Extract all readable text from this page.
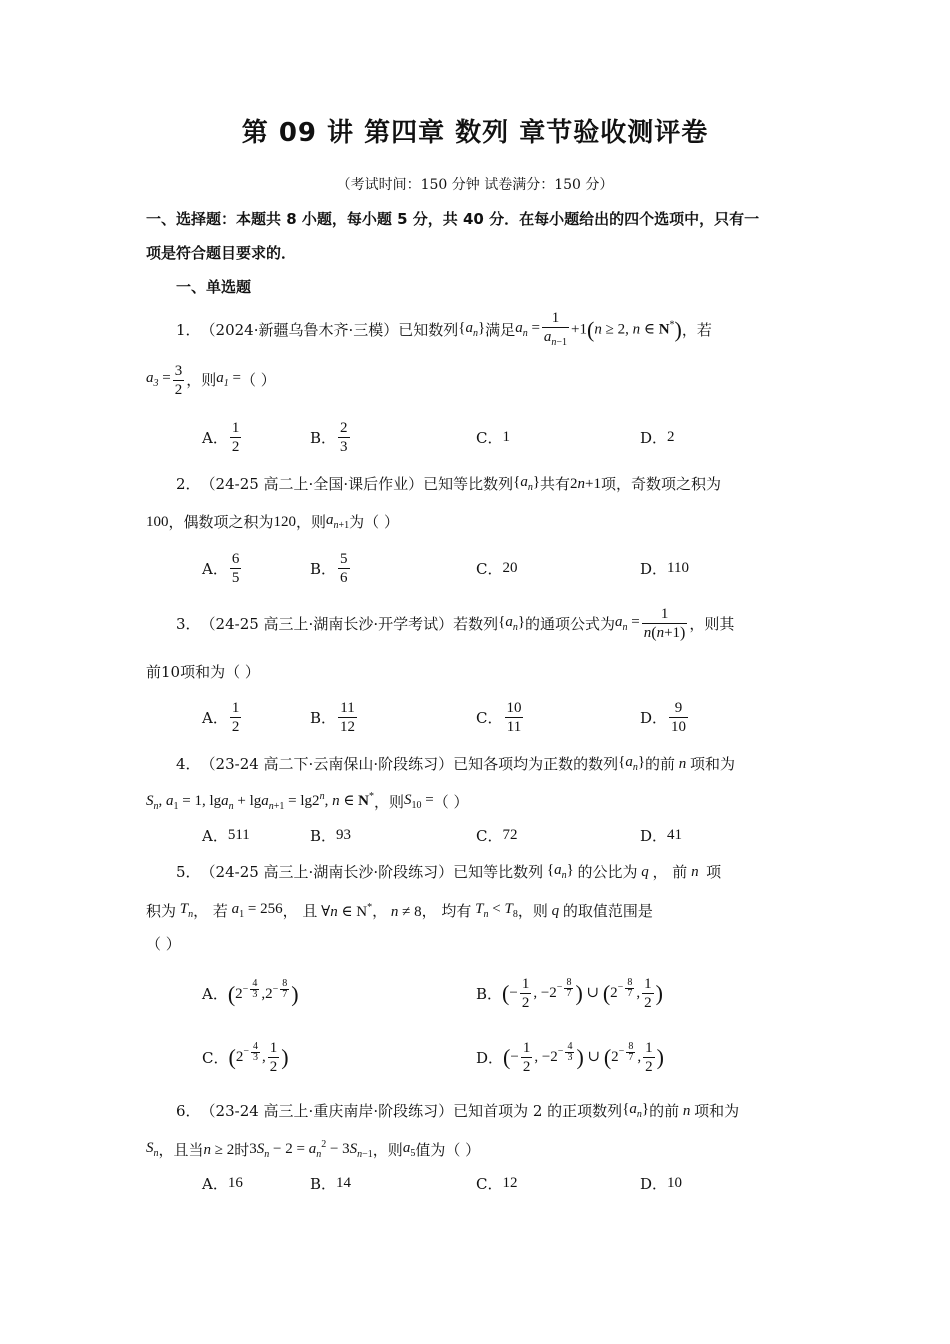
第 09 讲 第四章 数列 章节验收测评卷
（考试时间：150 分钟 试卷满分：150 分）
一、选择题：本题共 8 小题，每小题 5 分，共 40 分．在每小题给出的四个选项中，只有一
项是符合题目要求的．
一、单选题
1． （2024·新疆乌鲁木齐·三模）已知数列 $\{a_n\}$ 满足 $a_n = \frac{1}{a_{n-1}} +1(n \ge 2$, n ∈ N*) ，若
$a_3 = \frac{3}{2}$ ，则 $a_1$ = （ ）
A． $\frac{1}{2}$	B． $\frac{2}{3}$	C． 1	D． 2
2． （24-25 高二上·全国·课后作业）已知等比数列 $\{a_n\}$ 共有 2n+1 项，奇数项之积为
100 ，偶数项之积为 120 ，则 $a_{n+1}$ 为（ ）
A． $\frac{6}{5}$	B． $\frac{5}{6}$	C． 20	D． 110
3． （24-25 高三上·湖南长沙·开学考试）若数列 $\{a_n\}$ 的通项公式为 $a_n = \frac{1}{n(n+1)}$ ，则其
前10项和为（ ）
A． $\frac{1}{2}$	B． $\frac{11}{12}$	C． $\frac{10}{11}$	D． $\frac{9}{10}$
4． （23-24 高二下·云南保山·阶段练习）已知各项均为正数的数列 $\{a_n\}$ 的前 n 项和为
$S_n$, $a_1 = 1$, $\lg a_n + \lg a_{n+1} = \lg 2^n$, n ∈ N* ，则 $S_{10}$ = （ ）
A． 511	B． 93	C． 72	D． 41
5． （24-25 高三上·湖南长沙·阶段练习）已知等比数列 $\{a_n\}$ 的公比为 q ， 前 n 项
积为 $T_n$ ， 若 $a_1 = 256$ ， 且 ∀n ∈ N*， n ≠ 8 ， 均有 $T_n < T_8$ ，则 q 的取值范围是
（ ）
A． ($2^{- \frac{4}{3}}$ $,2^{- \frac{8}{7}}$ )	B． (− $\frac{1}{2}$ , $-2^{- \frac{8}{7}}$ ) ∪ ($2^{- \frac{8}{7}}$ , $\frac{1}{2}$ )
C． ($2^{- \frac{4}{3}}$ , $\frac{1}{2}$ )	D． (− $\frac{1}{2}$ , $-2^{- \frac{4}{3}}$ ) ∪ ($2^{- \frac{8}{7}}$ , $\frac{1}{2}$ )
6． （23-24 高三上·重庆南岸·阶段练习）已知首项为 2 的正项数列 $\{a_n\}$ 的前 n 项和为
$S_n$ ，且当 n ≥ 2 时 $3S_n - 2 = a_n^2 - 3S_{n-1}$ ，则 $a_5$ 值为（ ）
A． 16	B． 14	C． 12	D． 10
